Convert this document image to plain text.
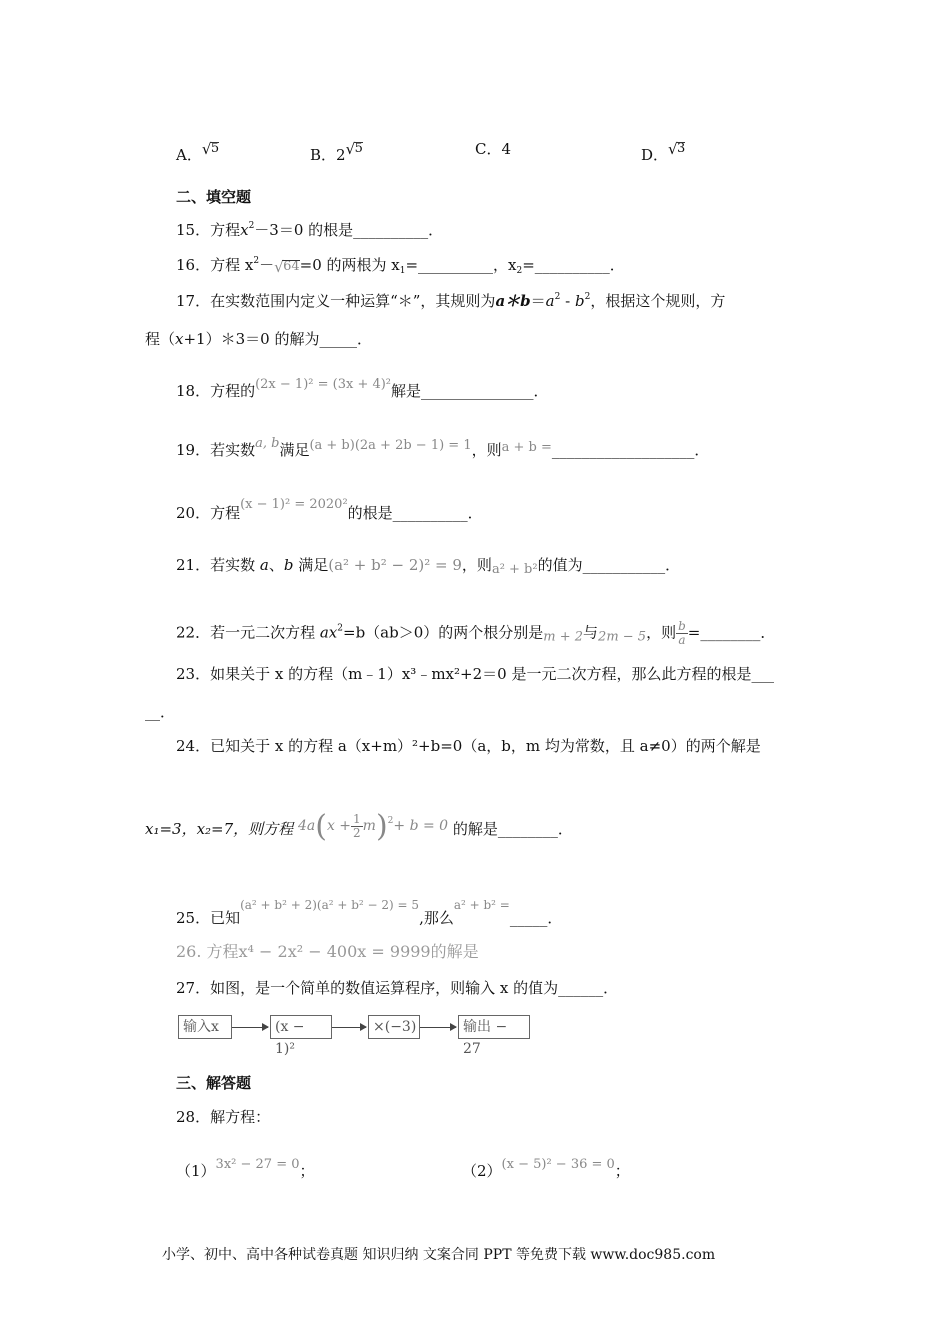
A． √ 5	B．2 √ 5	C．4	D． √ 3
二、填空题
15．方程$x^2-3=0$ 的根是__________．
16．方程 $x^2-$ √ 64=0 的两根为 $x_1=\_\_\_\_\_\_\_\_\_\_$，$x_2=\_\_\_\_\_\_\_\_\_\_$．
17．在实数范围内定义一种运算“＊”，其规则为$a*b=a^2 - b^2$，根据这个规则，方
程（x+1）＊3＝0 的解为_____．
18．方程的(2x − 1)² = (3x + 4)²解是_______________．
19．若实数a, b满足(a + b)(2a + 2b − 1) = 1，则a + b =___________________．
20．方程(x − 1)² = 2020²的根是__________．
21．若实数 a、b 满足(a² + b² − 2)² = 9，则a² + b²的值为___________．
22．若一元二次方程 $ax^2=b(ab>0)$的两个根分别是m + 2与2m − 5，则 $\frac{b}{a}$ =________．
23．如果关于 x 的方程（m﹣1）x³﹣mx²+2＝0 是一元二次方程，那么此方程的根是___
__．
24．已知关于 x 的方程 a（x+m）²+b=0（a，b，m 均为常数，且 a≠0）的两个解是
x₁=3，x₂=7，则方程 $4a(x + \frac{1}{2} m)^2+ b = 0$ 的解是________．
25．已知$^{(a^2 + b^2 + 2)(a^2 + b^2 - 2) = 5}$,那么$^{a^2 + b^2 =}$_____．
26. 方程x⁴ − 2x² − 400x = 9999的解是
27．如图，是一个简单的数值运算程序，则输入 x 的值为______．
输入x	(x − 1)²
×(−3)	输出 − 27
三、解答题
28．解方程：
（1）3x² − 27 = 0；	（2）(x − 5)² − 36 = 0；
小学、初中、高中各种试卷真题 知识归纳 文案合同 PPT 等免费下载 www.doc985.com
